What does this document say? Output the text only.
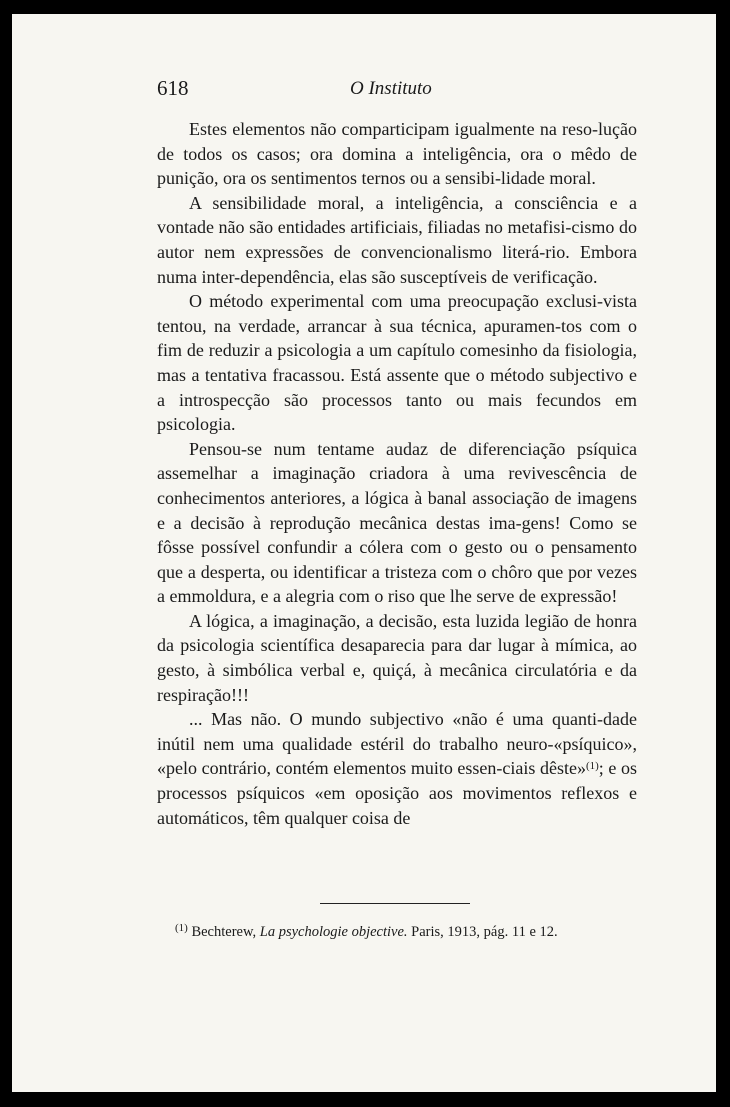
618	O Instituto

Estes elementos não comparticipam igualmente na reso-lução de todos os casos; ora domina a inteligência, ora o mêdo de punição, ora os sentimentos ternos ou a sensibi-lidade moral.

A sensibilidade moral, a inteligência, a consciência e a vontade não são entidades artificiais, filiadas no metafisi-cismo do autor nem expressões de convencionalismo literá-rio. Embora numa inter-dependência, elas são susceptíveis de verificação.

O método experimental com uma preocupação exclusi-vista tentou, na verdade, arrancar à sua técnica, apuramen-tos com o fim de reduzir a psicologia a um capítulo comesinho da fisiologia, mas a tentativa fracassou. Está assente que o método subjectivo e a introspecção são processos tanto ou mais fecundos em psicologia.

Pensou-se num tentame audaz de diferenciação psíquica assemelhar a imaginação criadora à uma revivescência de conhecimentos anteriores, a lógica à banal associação de imagens e a decisão à reprodução mecânica destas ima-gens! Como se fôsse possível confundir a cólera com o gesto ou o pensamento que a desperta, ou identificar a tristeza com o chôro que por vezes a emmoldura, e a alegria com o riso que lhe serve de expressão!

A lógica, a imaginação, a decisão, esta luzida legião de honra da psicologia scientífica desaparecia para dar lugar à mímica, ao gesto, à simbólica verbal e, quiçá, à mecânica circulatória e da respiração!!!

... Mas não. O mundo subjectivo «não é uma quanti-dade inútil nem uma qualidade estéril do trabalho neuro-«psíquico», «pelo contrário, contém elementos muito essen-ciais dêste»$^{(1)}$; e os processos psíquicos «em oposição aos movimentos reflexos e automáticos, têm qualquer coisa de

$^{(1)}$ Bechterew, La psychologie objective. Paris, 1913, pág. 11 e 12.
